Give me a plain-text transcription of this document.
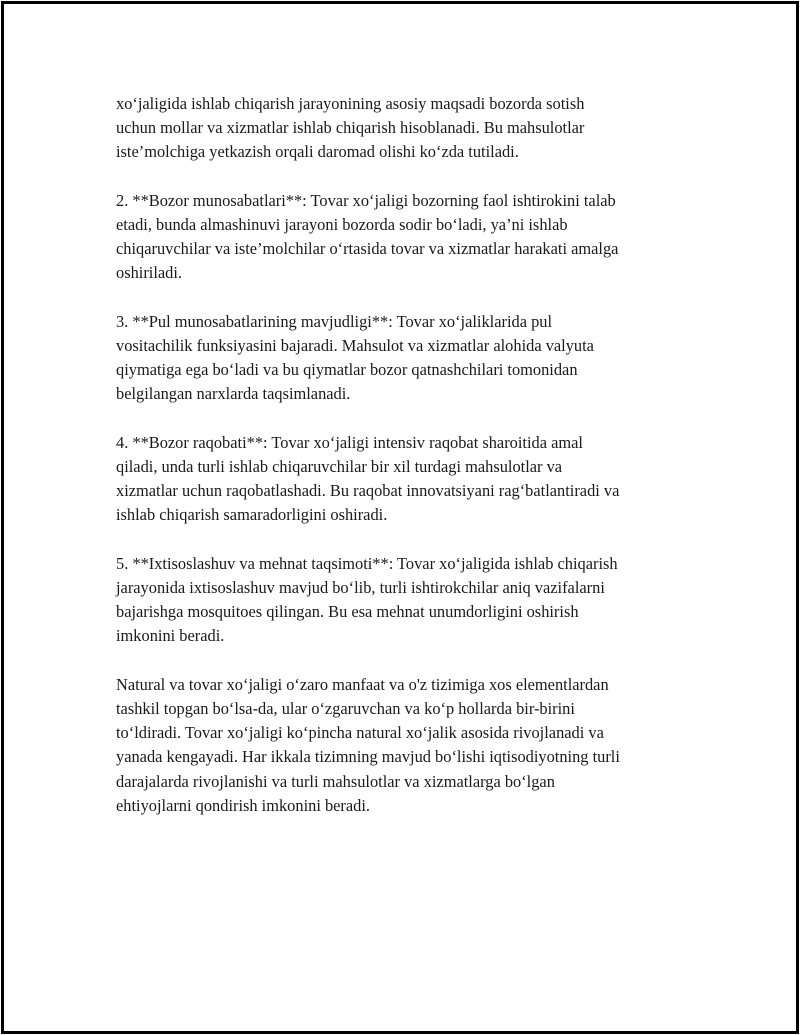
xo‘jaligida ishlab chiqarish jarayonining asosiy maqsadi bozorda sotish
uchun mollar va xizmatlar ishlab chiqarish hisoblanadi. Bu mahsulotlar
iste’molchiga yetkazish orqali daromad olishi ko‘zda tutiladi.

2. **Bozor munosabatlari**: Tovar xo‘jaligi bozorning faol ishtirokini talab
etadi, bunda almashinuvi jarayoni bozorda sodir bo‘ladi, ya’ni ishlab
chiqaruvchilar va iste’molchilar o‘rtasida tovar va xizmatlar harakati amalga
oshiriladi.

3. **Pul munosabatlarining mavjudligi**: Tovar xo‘jaliklarida pul
vositachilik funksiyasini bajaradi. Mahsulot va xizmatlar alohida valyuta
qiymatiga ega bo‘ladi va bu qiymatlar bozor qatnashchilari tomonidan
belgilangan narxlarda taqsimlanadi.

4. **Bozor raqobati**: Tovar xo‘jaligi intensiv raqobat sharoitida amal
qiladi, unda turli ishlab chiqaruvchilar bir xil turdagi mahsulotlar va
xizmatlar uchun raqobatlashadi. Bu raqobat innovatsiyani rag‘batlantiradi va
ishlab chiqarish samaradorligini oshiradi.

5. **Ixtisoslashuv va mehnat taqsimoti**: Tovar xo‘jaligida ishlab chiqarish
jarayonida ixtisoslashuv mavjud bo‘lib, turli ishtirokchilar aniq vazifalarni
bajarishga mosquitoes qilingan. Bu esa mehnat unumdorligini oshirish
imkonini beradi.

Natural va tovar xo‘jaligi o‘zaro manfaat va o'z tizimiga xos elementlardan
tashkil topgan bo‘lsa-da, ular o‘zgaruvchan va ko‘p hollarda bir-birini
to‘ldiradi. Tovar xo‘jaligi ko‘pincha natural xo‘jalik asosida rivojlanadi va
yanada kengayadi. Har ikkala tizimning mavjud bo‘lishi iqtisodiyotning turli
darajalarda rivojlanishi va turli mahsulotlar va xizmatlarga bo‘lgan
ehtiyojlarni qondirish imkonini beradi.
